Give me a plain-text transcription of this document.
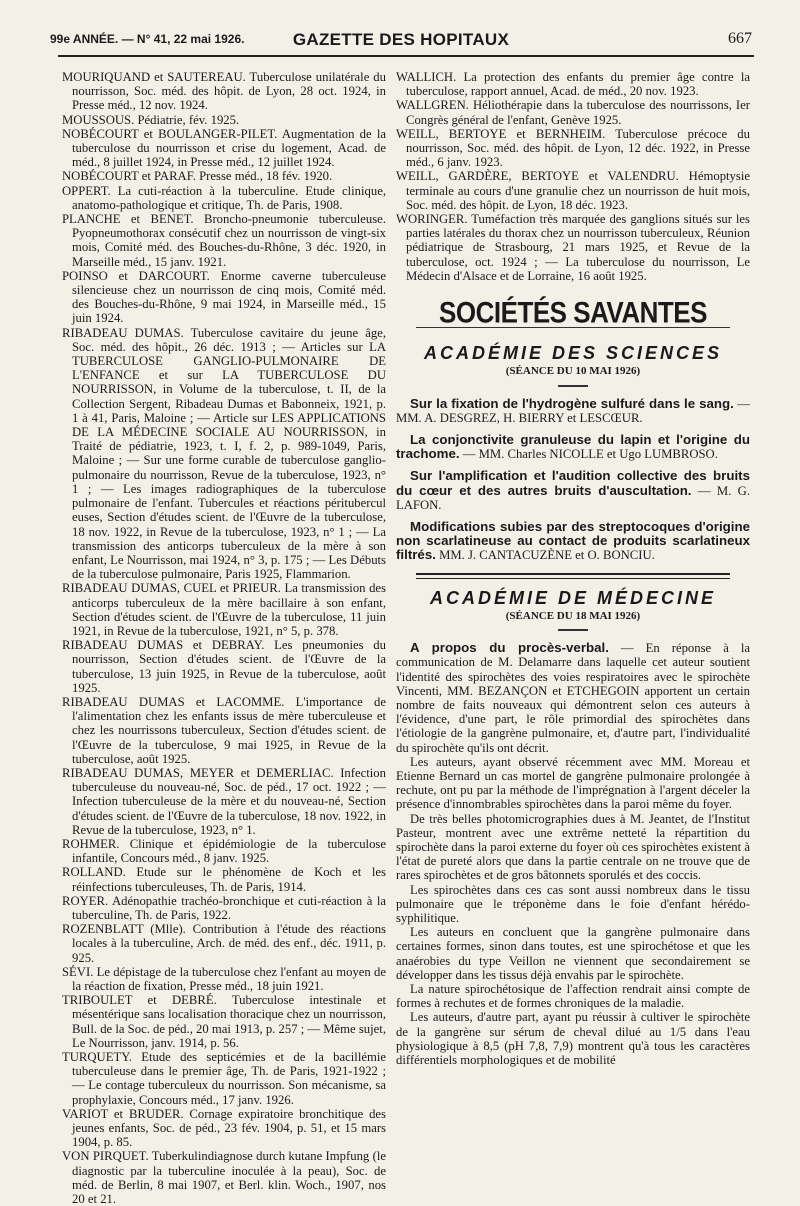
99e ANNÉE. — N° 41, 22 mai 1926.	GAZETTE DES HOPITAUX	667

MOURIQUAND et SAUTEREAU. Tuberculose unilatérale du nourrisson, Soc. méd. des hôpit. de Lyon, 28 oct. 1924, in Presse méd., 12 nov. 1924.

MOUSSOUS. Pédiatrie, fév. 1925.

NOBÉCOURT et BOULANGER-PILET. Augmentation de la tuberculose du nourrisson et crise du logement, Acad. de méd., 8 juillet 1924, in Presse méd., 12 juillet 1924.

NOBÉCOURT et PARAF. Presse méd., 18 fév. 1920.

OPPERT. La cuti-réaction à la tuberculine. Etude clinique, anatomo-pathologique et critique, Th. de Paris, 1908.

PLANCHE et BENET. Broncho-pneumonie tuberculeuse. Pyopneumothorax consécutif chez un nourrisson de vingt-six mois, Comité méd. des Bouches-du-Rhône, 3 déc. 1920, in Marseille méd., 15 janv. 1921.

POINSO et DARCOURT. Enorme caverne tuberculeuse silencieuse chez un nourrisson de cinq mois, Comité méd. des Bouches-du-Rhône, 9 mai 1924, in Marseille méd., 15 juin 1924.

RIBADEAU DUMAS. Tuberculose cavitaire du jeune âge, Soc. méd. des hôpit., 26 déc. 1913 ; — Articles sur LA TUBERCULOSE GANGLIO-PULMONAIRE DE L'ENFANCE et sur LA TUBERCULOSE DU NOURRISSON, in Volume de la tuberculose, t. II, de la Collection Sergent, Ribadeau Dumas et Babonneix, 1921, p. 1 à 41, Paris, Maloine ; — Article sur LES APPLICATIONS DE LA MÉDECINE SOCIALE AU NOURRISSON, in Traité de pédiatrie, 1923, t. I, f. 2, p. 989-1049, Paris, Maloine ; — Sur une forme curable de tuberculose ganglio-pulmonaire du nourrisson, Revue de la tuberculose, 1923, n° 1 ; — Les images radiographiques de la tuberculose pulmonaire de l'enfant. Tubercules et réactions péritubercul euses, Section d'études scient. de l'Œuvre de la tuberculose, 18 nov. 1922, in Revue de la tuberculose, 1923, n° 1 ; — La transmission des anticorps tuberculeux de la mère à son enfant, Le Nourrisson, mai 1924, n° 3, p. 175 ; — Les Débuts de la tuberculose pulmonaire, Paris 1925, Flammarion.

RIBADEAU DUMAS, CUEL et PRIEUR. La transmission des anticorps tuberculeux de la mère bacillaire à son enfant, Section d'études scient. de l'Œuvre de la tuberculose, 11 juin 1921, in Revue de la tuberculose, 1921, n° 5, p. 378.

RIBADEAU DUMAS et DEBRAY. Les pneumonies du nourrisson, Section d'études scient. de l'Œuvre de la tuberculose, 13 juin 1925, in Revue de la tuberculose, août 1925.

RIBADEAU DUMAS et LACOMME. L'importance de l'alimentation chez les enfants issus de mère tuberculeuse et chez les nourrissons tuberculeux, Section d'études scient. de l'Œuvre de la tuberculose, 9 mai 1925, in Revue de la tuberculose, août 1925.

RIBADEAU DUMAS, MEYER et DEMERLIAC. Infection tuberculeuse du nouveau-né, Soc. de péd., 17 oct. 1922 ; — Infection tuberculeuse de la mère et du nouveau-né, Section d'études scient. de l'Œuvre de la tuberculose, 18 nov. 1922, in Revue de la tuberculose, 1923, n° 1.

ROHMER. Clinique et épidémiologie de la tuberculose infantile, Concours méd., 8 janv. 1925.

ROLLAND. Etude sur le phénomène de Koch et les réinfections tuberculeuses, Th. de Paris, 1914.

ROYER. Adénopathie trachéo-bronchique et cuti-réaction à la tuberculine, Th. de Paris, 1922.

ROZENBLATT (Mlle). Contribution à l'étude des réactions locales à la tuberculine, Arch. de méd. des enf., déc. 1911, p. 925.

SÉVI. Le dépistage de la tuberculose chez l'enfant au moyen de la réaction de fixation, Presse méd., 18 juin 1921.

TRIBOULET et DEBRÉ. Tuberculose intestinale et mésentérique sans localisation thoracique chez un nourrisson, Bull. de la Soc. de péd., 20 mai 1913, p. 257 ; — Même sujet, Le Nourrisson, janv. 1914, p. 56.

TURQUETY. Etude des septicémies et de la bacillémie tuberculeuse dans le premier âge, Th. de Paris, 1921-1922 ; — Le contage tuberculeux du nourrisson. Son mécanisme, sa prophylaxie, Concours méd., 17 janv. 1926.

VARIOT et BRUDER. Cornage expiratoire bronchitique des jeunes enfants, Soc. de péd., 23 fév. 1904, p. 51, et 15 mars 1904, p. 85.

VON PIRQUET. Tuberkulindiagnose durch kutane Impfung (le diagnostic par la tuberculine inoculée à la peau), Soc. de méd. de Berlin, 8 mai 1907, et Berl. klin. Woch., 1907, nos 20 et 21.

WALLICH. La protection des enfants du premier âge contre la tuberculose, rapport annuel, Acad. de méd., 20 nov. 1923.

WALLGREN. Héliothérapie dans la tuberculose des nourrissons, Ier Congrès général de l'enfant, Genève 1925.

WEILL, BERTOYE et BERNHEIM. Tuberculose précoce du nourrisson, Soc. méd. des hôpit. de Lyon, 12 déc. 1922, in Presse méd., 6 janv. 1923.

WEILL, GARDÈRE, BERTOYE et VALENDRU. Hémoptysie terminale au cours d'une granulie chez un nourrisson de huit mois, Soc. méd. des hôpit. de Lyon, 18 déc. 1923.

WORINGER. Tuméfaction très marquée des ganglions situés sur les parties latérales du thorax chez un nourrisson tuberculeux, Réunion pédiatrique de Strasbourg, 21 mars 1925, et Revue de la tuberculose, oct. 1924 ; — La tuberculose du nourrisson, Le Médecin d'Alsace et de Lorraine, 16 août 1925.

SOCIÉTÉS SAVANTES
ACADÉMIE DES SCIENCES
(SÉANCE DU 10 MAI 1926)

Sur la fixation de l'hydrogène sulfuré dans le sang. — MM. A. DESGREZ, H. BIERRY et LESCŒUR.

La conjonctivite granuleuse du lapin et l'origine du trachome. — MM. Charles NICOLLE et Ugo LUMBROSO.

Sur l'amplification et l'audition collective des bruits du cœur et des autres bruits d'auscultation. — M. G. LAFON.

Modifications subies par des streptocoques d'origine non scarlatineuse au contact de produits scarlatineux filtrés. MM. J. CANTACUZÈNE et O. BONCIU.

ACADÉMIE DE MÉDECINE
(SÉANCE DU 18 MAI 1926)

A propos du procès-verbal. — En réponse à la communication de M. Delamarre dans laquelle cet auteur soutient l'identité des spirochètes des voies respiratoires avec le spirochète Vincenti, MM. BEZANÇON et ETCHEGOIN apportent un certain nombre de faits nouveaux qui démontrent selon ces auteurs à l'évidence, d'une part, le rôle primordial des spirochètes dans l'étiologie de la gangrène pulmonaire, et, d'autre part, l'individualité du spirochète qu'ils ont décrit.

Les auteurs, ayant observé récemment avec MM. Moreau et Etienne Bernard un cas mortel de gangrène pulmonaire prolongée à rechute, ont pu par la méthode de l'imprégnation à l'argent déceler la présence d'innombrables spirochètes dans la paroi même du foyer.

De très belles photomicrographies dues à M. Jeantet, de l'Institut Pasteur, montrent avec une extrême netteté la répartition du spirochète dans la paroi externe du foyer où ces spirochètes existent à l'état de pureté alors que dans la partie centrale on ne trouve que de rares spirochètes et de gros bâtonnets sporulés et des coccis.

Les spirochètes dans ces cas sont aussi nombreux dans le tissu pulmonaire que le tréponème dans le foie d'enfant hérédo-syphilitique.

Les auteurs en concluent que la gangrène pulmonaire dans certaines formes, sinon dans toutes, est une spirochétose et que les anaérobies du type Veillon ne viennent que secondairement se développer dans les tissus déjà envahis par le spirochète.

La nature spirochétosique de l'affection rendrait ainsi compte de formes à rechutes et de formes chroniques de la maladie.

Les auteurs, d'autre part, ayant pu réussir à cultiver le spirochète de la gangrène sur sérum de cheval dilué au 1/5 dans l'eau physiologique à 8,5 (pH 7,8, 7,9) montrent qu'à tous les caractères différentiels morphologiques et de mobilité
